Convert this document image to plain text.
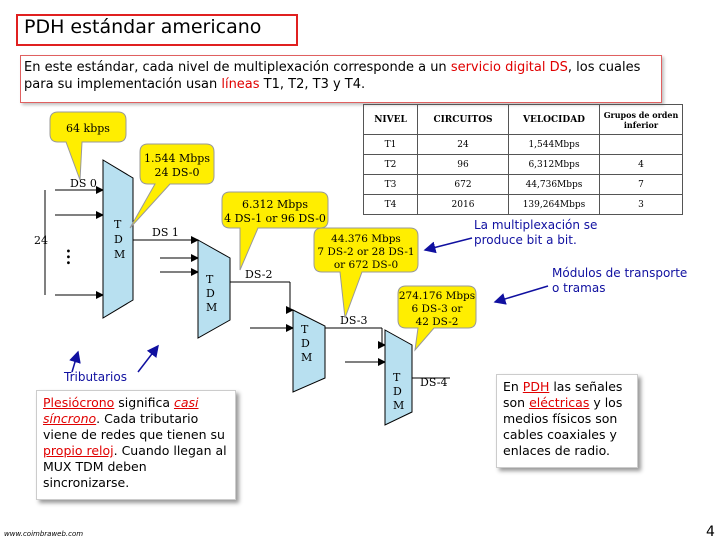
PDH estándar americano
En este estándar, cada nivel de multiplexación corresponde a un servicio digital DS, los cuales para su implementación usan líneas T1, T2, T3 y T4.
NIVEL	CIRCUITOS	VELOCIDAD	Grupos de orden inferior
T1	24	1,544Mbps	
T2	96	6,312Mbps	4
T3	672	44,736Mbps	7
T4	2016	139,264Mbps	3
DS 0
24
•••
T
D
M
DS 1
T
D
M
DS-2
T
D
M
DS-3
T
D
M
DS-4
64 kbps
1.544 Mbps
24 DS-0
6.312 Mbps
4 DS-1 or 96 DS-0
44.376 Mbps
7 DS-2 or 28 DS-1
or 672 DS-0
274.176 Mbps
6 DS-3 or
42 DS-2
La multiplexación se produce bit a bit.
Módulos de transporte o tramas
Tributarios
Plesiócrono significa casi síncrono. Cada tributario viene de redes que tienen su propio reloj. Cuando llegan al MUX TDM deben sincronizarse.
En PDH las señales son eléctricas y los medios físicos son cables coaxiales y enlaces de radio.
www.coimbraweb.com	4
